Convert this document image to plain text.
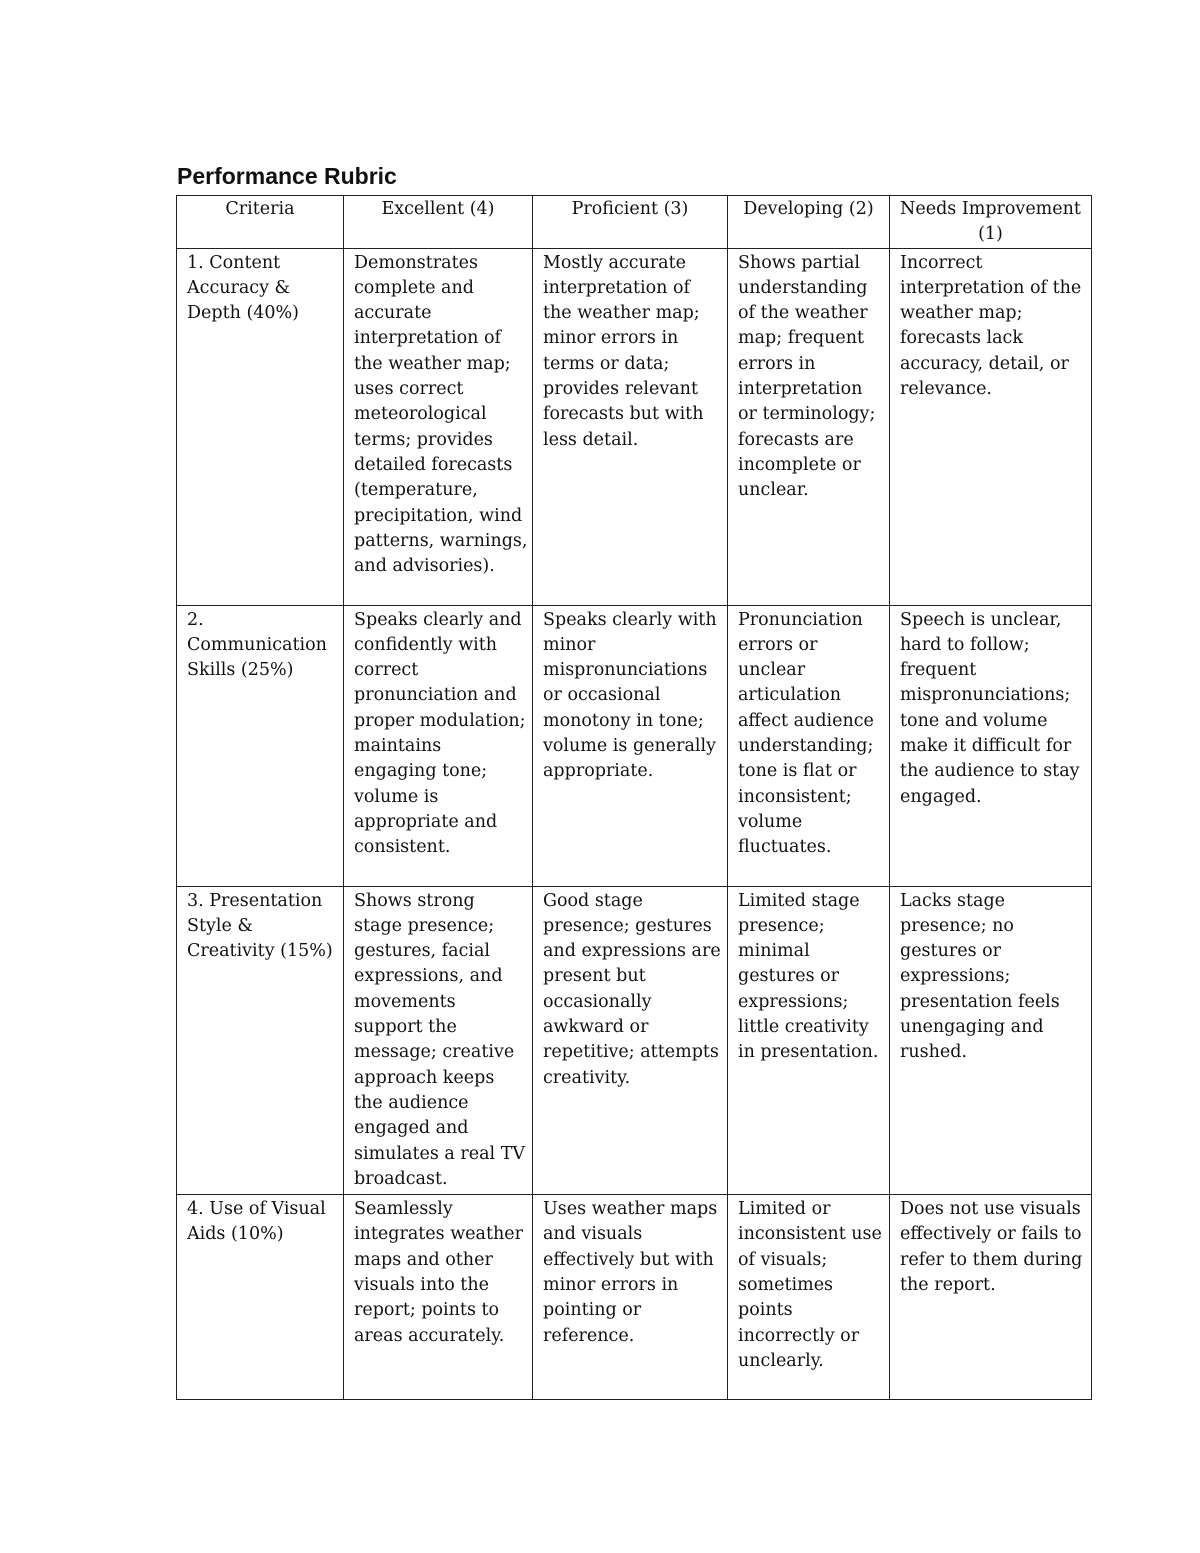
Performance Rubric
Criteria	Excellent (4)	Proficient (3)	Developing (2)	Needs Improvement (1)
1. Content Accuracy & Depth (40%)	Demonstrates complete and accurate interpretation of the weather map; uses correct meteorological terms; provides detailed forecasts (temperature, precipitation, wind patterns, warnings, and advisories).	Mostly accurate interpretation of the weather map; minor errors in terms or data; provides relevant forecasts but with less detail.	Shows partial understanding of the weather map; frequent errors in interpretation or terminology; forecasts are incomplete or unclear.	Incorrect interpretation of the weather map; forecasts lack accuracy, detail, or relevance.
2. Communication Skills (25%)	Speaks clearly and confidently with correct pronunciation and proper modulation; maintains engaging tone; volume is appropriate and consistent.	Speaks clearly with minor mispronunciations or occasional monotony in tone; volume is generally appropriate.	Pronunciation errors or unclear articulation affect audience understanding; tone is flat or inconsistent; volume fluctuates.	Speech is unclear, hard to follow; frequent mispronunciations; tone and volume make it difficult for the audience to stay engaged.
3. Presentation Style & Creativity (15%)	Shows strong stage presence; gestures, facial expressions, and movements support the message; creative approach keeps the audience engaged and simulates a real TV broadcast.	Good stage presence; gestures and expressions are present but occasionally awkward or repetitive; attempts creativity.	Limited stage presence; minimal gestures or expressions; little creativity in presentation.	Lacks stage presence; no gestures or expressions; presentation feels unengaging and rushed.
4. Use of Visual Aids (10%)	Seamlessly integrates weather maps and other visuals into the report; points to areas accurately.	Uses weather maps and visuals effectively but with minor errors in pointing or reference.	Limited or inconsistent use of visuals; sometimes points incorrectly or unclearly.	Does not use visuals effectively or fails to refer to them during the report.
